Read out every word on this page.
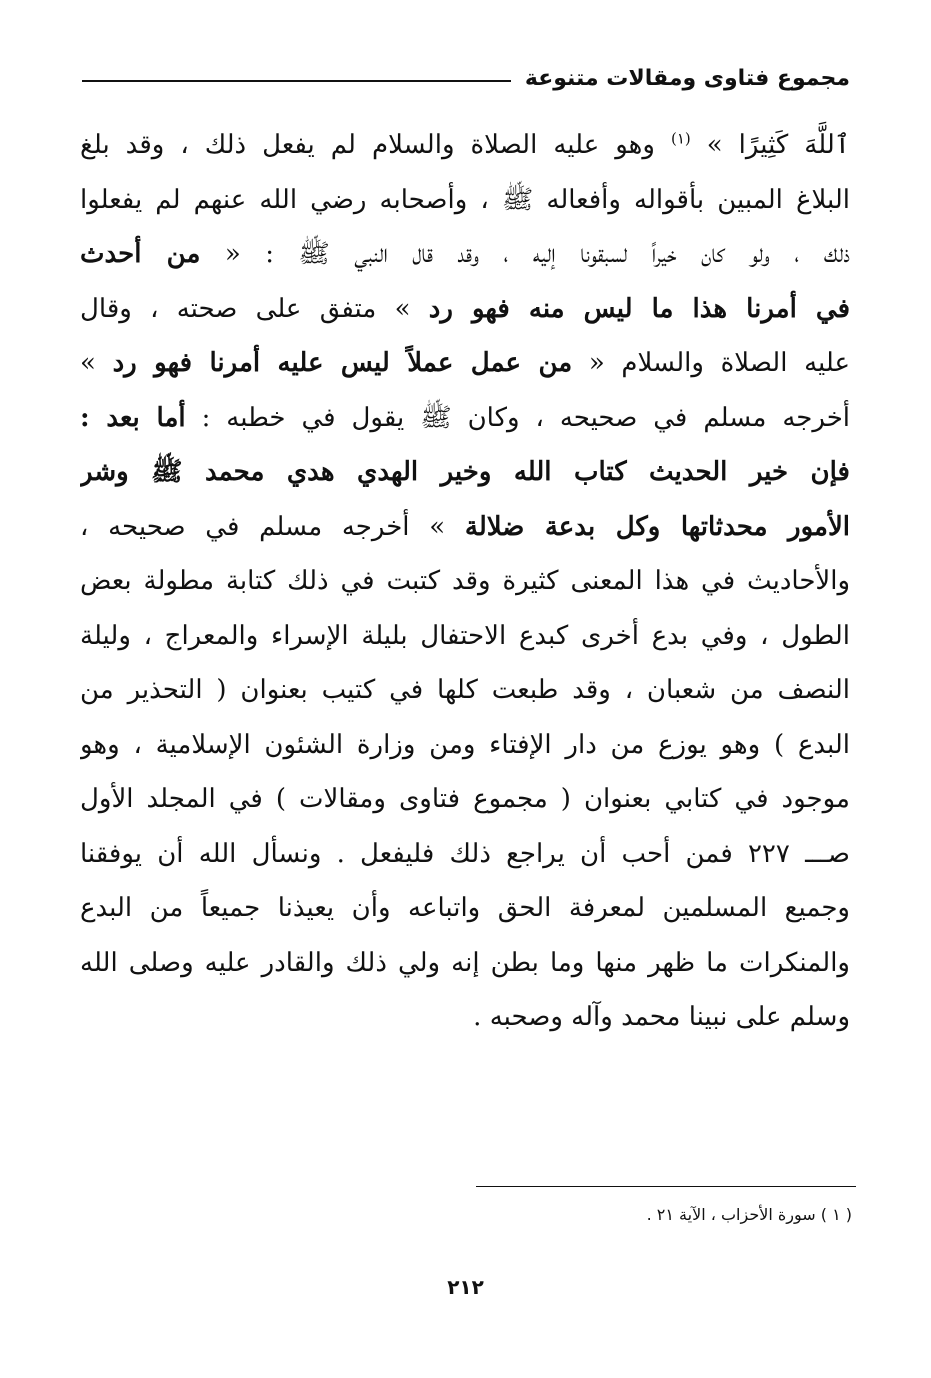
مجموع فتاوى ومقالات متنوعة
ٱللَّهَ كَثِيرًا » $^{(١)}$ وهو عليه الصلاة والسلام لم يفعل ذلك ، وقد بلغ
البلاغ المبين بأقواله وأفعاله ﷺ ، وأصحابه رضي الله عنهم لم يفعلوا
ذلك ، ولو كان خيراً لسبقونا إليه ، وقد قال النبي ﷺ : « من أحدث
في أمرنا هذا ما ليس منه فهو رد » متفق على صحته ، وقال
عليه الصلاة والسلام « من عمل عملاً ليس عليه أمرنا فهو رد »
أخرجه مسلم في صحيحه ، وكان ﷺ يقول في خطبه : أما بعد :
فإن خير الحديث كتاب الله وخير الهدي هدي محمد ﷺ وشر
الأمور محدثاتها وكل بدعة ضلالة » أخرجه مسلم في صحيحه ،
والأحاديث في هذا المعنى كثيرة وقد كتبت في ذلك كتابة مطولة بعض
الطول ، وفي بدع أخرى كبدع الاحتفال بليلة الإسراء والمعراج ، وليلة
النصف من شعبان ، وقد طبعت كلها في كتيب بعنوان ( التحذير من
البدع ) وهو يوزع من دار الإفتاء ومن وزارة الشئون الإسلامية ، وهو
موجود في كتابي بعنوان ( مجموع فتاوى ومقالات ) في المجلد الأول
صـــ ٢٢٧ فمن أحب أن يراجع ذلك فليفعل . ونسأل الله أن يوفقنا
وجميع المسلمين لمعرفة الحق واتباعه وأن يعيذنا جميعاً من البدع
والمنكرات ما ظهر منها وما بطن إنه ولي ذلك والقادر عليه وصلى الله
وسلم على نبينا محمد وآله وصحبه .
( ١ ) سورة الأحزاب ، الآية ٢١ .
٢١٢
